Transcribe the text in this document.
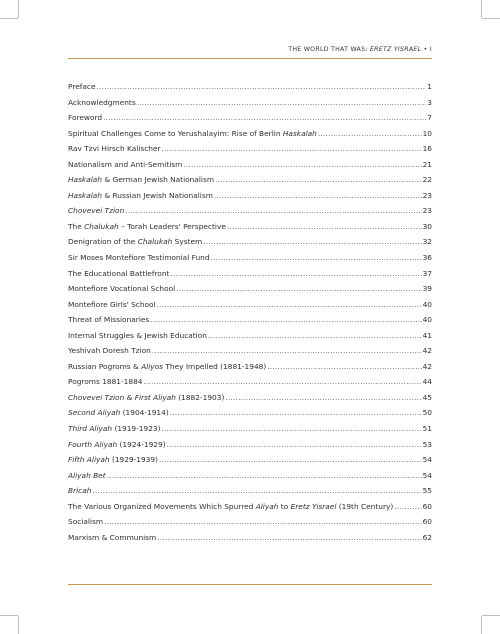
THE WORLD THAT WAS: ERETZ YISRAEL • I
Preface .....	1
Acknowledgments .....	3
Foreword .....	7
Spiritual Challenges Come to Yerushalayim: Rise of Berlin Haskalah .....	10
Rav Tzvi Hirsch Kalischer .....	16
Nationalism and Anti-Semitism .....	21
Haskalah & German Jewish Nationalism .....	22
Haskalah & Russian Jewish Nationalism .....	23
Chovevei Tzion .....	23
The Chalukah – Torah Leaders' Perspective .....	30
Denigration of the Chalukah System .....	32
Sir Moses Montefiore Testimonial Fund .....	36
The Educational Battlefront .....	37
Montefiore Vocational School .....	39
Montefiore Girls' School .....	40
Threat of Missionaries .....	40
Internal Struggles & Jewish Education .....	41
Yeshivah Doresh Tzion .....	42
Russian Pogroms & Aliyos They Impelled (1881-1948) .....	42
Pogroms 1881-1884 .....	44
Chovevei Tzion & First Aliyah (1882-1903) .....	45
Second Aliyah (1904-1914) .....	50
Third Aliyah (1919-1923) .....	51
Fourth Aliyah (1924-1929) .....	53
Fifth Aliyah (1929-1939) .....	54
Aliyah Bet .....	54
Bricah .....	55
The Various Organized Movements Which Spurred Aliyah to Eretz Yisrael (19th Century) .....	60
Socialism .....	60
Marxism & Communism .....	62
